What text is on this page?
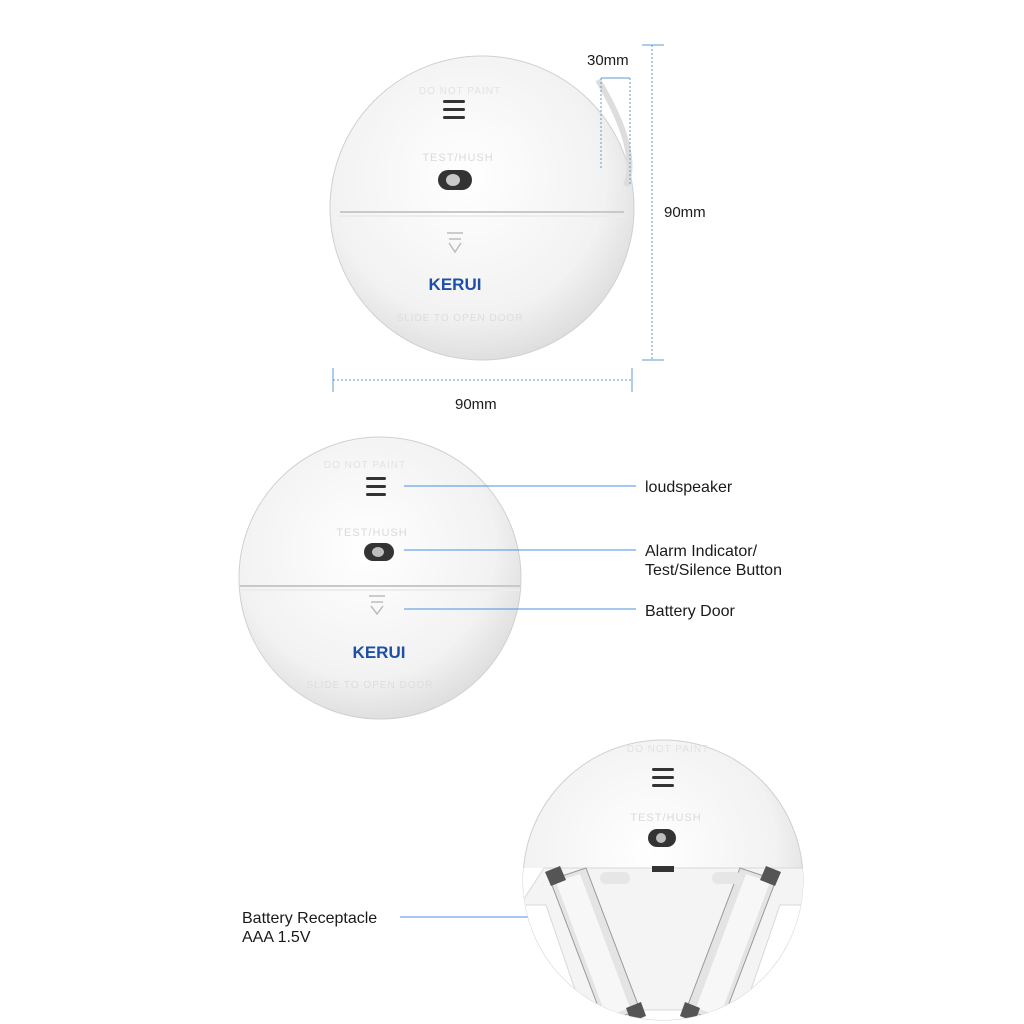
DO NOT PAINT
TEST/HUSH
SLIDE TO OPEN DOOR
KERUI
DO NOT PAINT
TEST/HUSH
SLIDE TO OPEN DOOR
KERUI
DO NOT PAINT
TEST/HUSH
30mm
90mm
90mm
loudspeaker
Alarm Indicator/
Test/Silence Button
Battery Door
Battery Receptacle
AAA 1.5V
